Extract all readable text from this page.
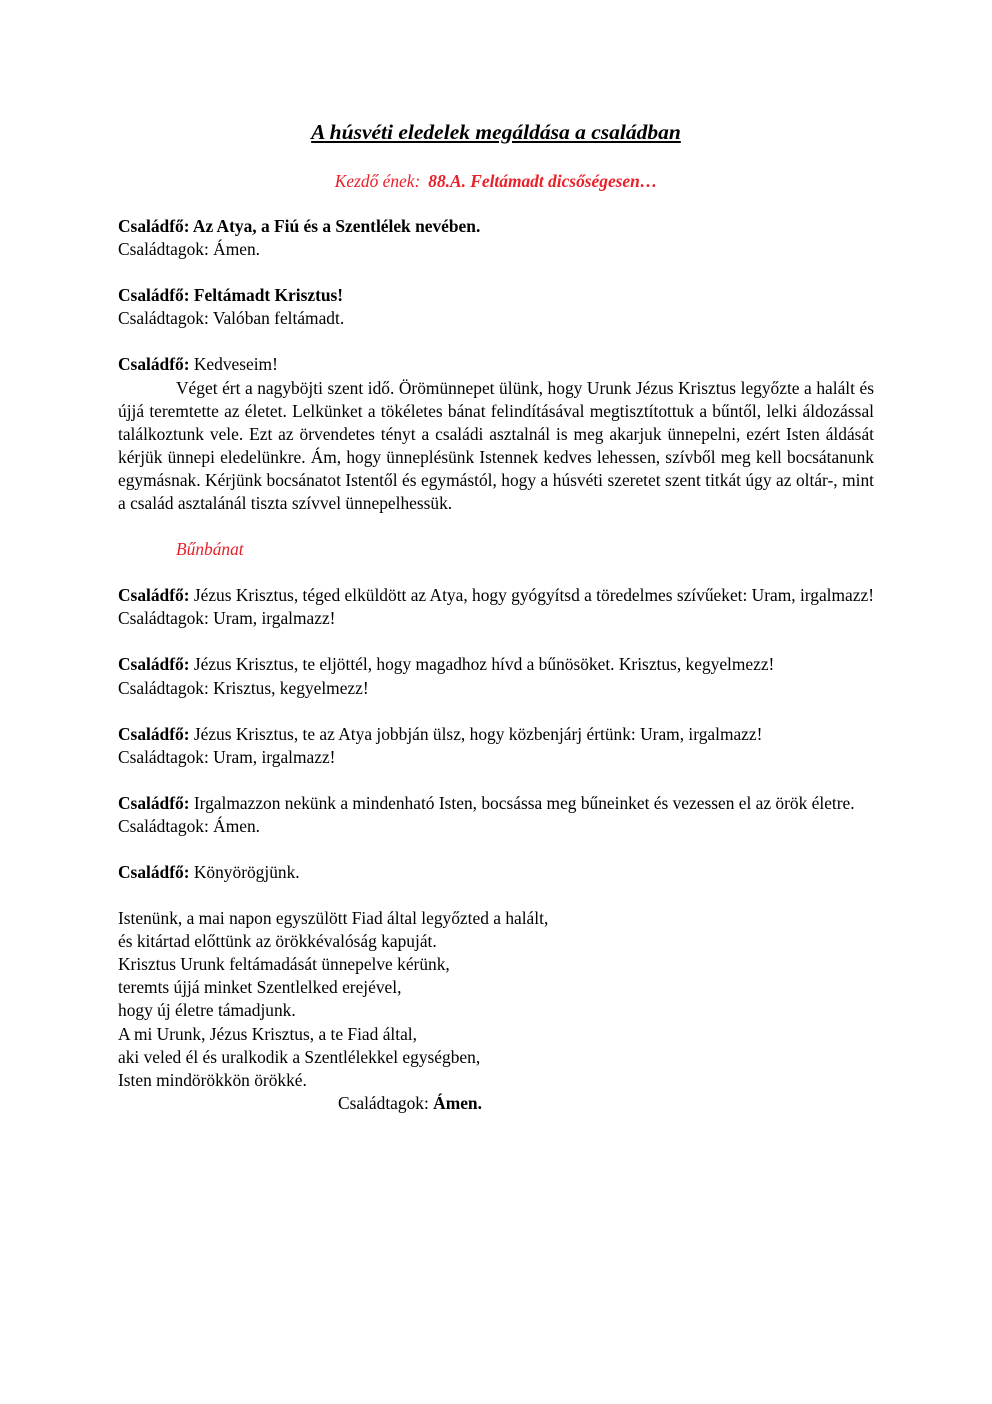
A húsvéti eledelek megáldása a családban
Kezdő ének: 88.A. Feltámadt dicsőségesen…
Családfő: Az Atya, a Fiú és a Szentlélek nevében.
Családtagok: Ámen.
Családfő: Feltámadt Krisztus!
Családtagok: Valóban feltámadt.
Családfő: Kedveseim!
Véget ért a nagyböjti szent idő. Örömünnepet ülünk, hogy Urunk Jézus Krisztus legyőzte a halált és újjá teremtette az életet. Lelkünket a tökéletes bánat felindításával megtisztítottuk a bűntől, lelki áldozással találkoztunk vele. Ezt az örvendetes tényt a családi asztalnál is meg akarjuk ünnepelni, ezért Isten áldását kérjük ünnepi eledelünkre. Ám, hogy ünneplésünk Istennek kedves lehessen, szívből meg kell bocsátanunk egymásnak. Kérjünk bocsánatot Istentől és egymástól, hogy a húsvéti szeretet szent titkát úgy az oltár-, mint a család asztalánál tiszta szívvel ünnepelhessük.
Bűnbánat
Családfő: Jézus Krisztus, téged elküldött az Atya, hogy gyógyítsd a töredelmes szívűeket: Uram, irgalmazz!
Családtagok: Uram, irgalmazz!
Családfő: Jézus Krisztus, te eljöttél, hogy magadhoz hívd a bűnösöket. Krisztus, kegyelmezz!
Családtagok: Krisztus, kegyelmezz!
Családfő: Jézus Krisztus, te az Atya jobbján ülsz, hogy közbenjárj értünk: Uram, irgalmazz!
Családtagok: Uram, irgalmazz!
Családfő: Irgalmazzon nekünk a mindenható Isten, bocsássa meg bűneinket és vezessen el az örök életre.
Családtagok: Ámen.
Családfő: Könyörögjünk.
Istenünk, a mai napon egyszülött Fiad által legyőzted a halált,
és kitártad előttünk az örökkévalóság kapuját.
Krisztus Urunk feltámadását ünnepelve kérünk,
teremts újjá minket Szentlelked erejével,
hogy új életre támadjunk.
A mi Urunk, Jézus Krisztus, a te Fiad által,
aki veled él és uralkodik a Szentlélekkel egységben,
Isten mindörökkön örökké.
Családtagok: Ámen.
